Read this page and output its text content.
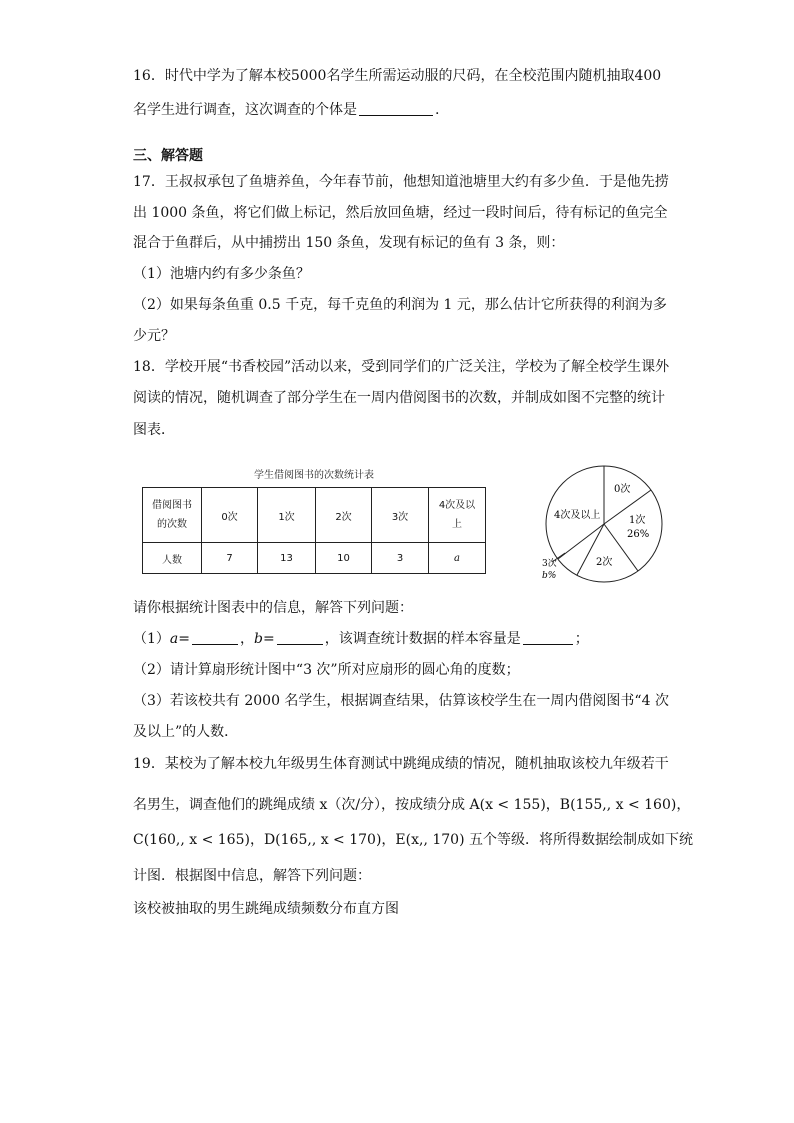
16．时代中学为了解本校5000名学生所需运动服的尺码，在全校范围内随机抽取400
名学生进行调查，这次调查的个体是	.
三、解答题
17．王叔叔承包了鱼塘养鱼，今年春节前，他想知道池塘里大约有多少鱼．于是他先捞
出 1000 条鱼，将它们做上标记，然后放回鱼塘，经过一段时间后，待有标记的鱼完全
混合于鱼群后，从中捕捞出 150 条鱼，发现有标记的鱼有 3 条，则：
（1）池塘内约有多少条鱼？
（2）如果每条鱼重 0.5 千克，每千克鱼的利润为 1 元，那么估计它所获得的利润为多
少元？
18．学校开展“书香校园”活动以来，受到同学们的广泛关注，学校为了解全校学生课外
阅读的情况，随机调查了部分学生在一周内借阅图书的次数，并制成如图不完整的统计
图表．
学生借阅图书的次数统计表
借阅图书
的次数	0次	1次	2次	3次	4次及以
上
人数	7	13	10	3	a
0次
1次
26%
2次
4次及以上
3次
b%
请你根据统计图表中的信息，解答下列问题：
（1）a=	，b=	，该调查统计数据的样本容量是	；
（2）请计算扇形统计图中“3 次”所对应扇形的圆心角的度数；
（3）若该校共有 2000 名学生，根据调查结果，估算该校学生在一周内借阅图书“4 次
及以上”的人数．
19．某校为了解本校九年级男生体育测试中跳绳成绩的情况，随机抽取该校九年级若干
名男生，调查他们的跳绳成绩 x（次/分），按成绩分成 A(x < 155)，B(155,, x < 160)，
C(160,, x < 165)，D(165,, x < 170)，E(x,, 170) 五个等级．将所得数据绘制成如下统
计图．根据图中信息，解答下列问题：
该校被抽取的男生跳绳成绩频数分布直方图
